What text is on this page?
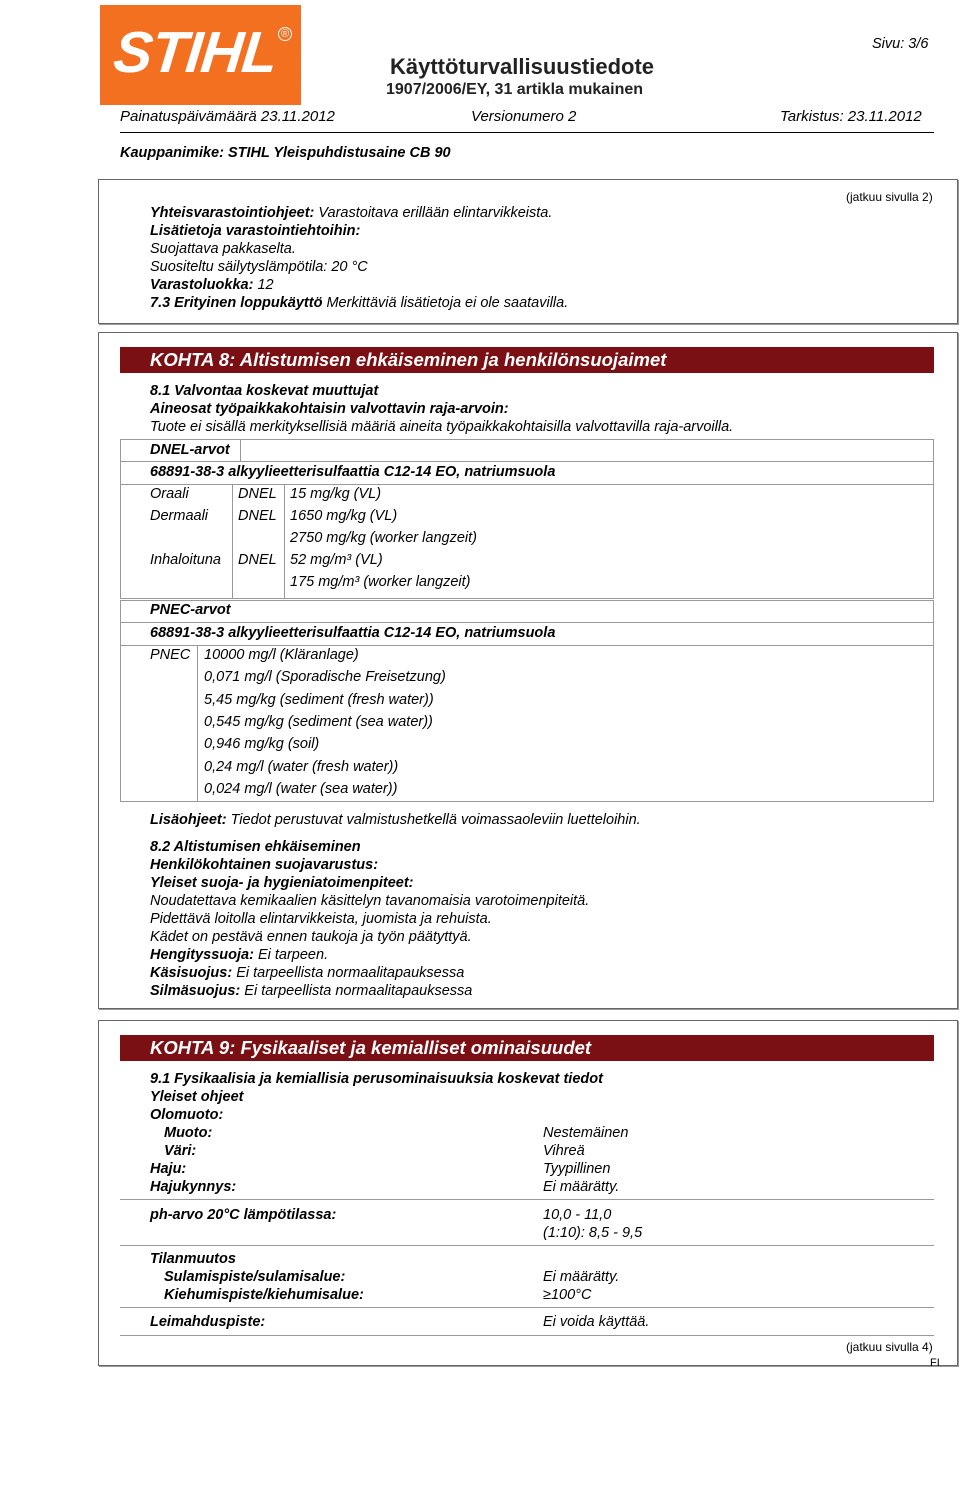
STIHL ®
Käyttöturvallisuustiedote
1907/2006/EY, 31 artikla mukainen
Sivu: 3/6
Painatuspäivämäärä 23.11.2012	Versionumero 2	Tarkistus: 23.11.2012
Kauppanimike: STIHL Yleispuhdistusaine CB 90
(jatkuu sivulla 2)
Yhteisvarastointiohjeet: Varastoitava erillään elintarvikkeista.
Lisätietoja varastointiehtoihin:
Suojattava pakkaselta.
Suositeltu säilytyslämpötila: 20 °C
Varastoluokka: 12
7.3 Erityinen loppukäyttö Merkittäviä lisätietoja ei ole saatavilla.
KOHTA 8: Altistumisen ehkäiseminen ja henkilönsuojaimet
8.1 Valvontaa koskevat muuttujat
Aineosat työpaikkakohtaisin valvottavin raja-arvoin:
Tuote ei sisällä merkityksellisiä määriä aineita työpaikkakohtaisilla valvottavilla raja-arvoilla.
DNEL-arvot
68891-38-3 alkyylieetterisulfaattia C12-14 EO, natriumsuola
Oraali	DNEL 15 mg/kg (VL)
Dermaali DNEL 1650 mg/kg (VL)
2750 mg/kg (worker langzeit)
Inhaloituna DNEL 52 mg/m³ (VL)
175 mg/m³ (worker langzeit)
PNEC-arvot
68891-38-3 alkyylieetterisulfaattia C12-14 EO, natriumsuola
PNEC 10000 mg/l (Kläranlage)
0,071 mg/l (Sporadische Freisetzung)
5,45 mg/kg (sediment (fresh water))
0,545 mg/kg (sediment (sea water))
0,946 mg/kg (soil)
0,24 mg/l (water (fresh water))
0,024 mg/l (water (sea water))
Lisäohjeet: Tiedot perustuvat valmistushetkellä voimassaoleviin luetteloihin.
8.2 Altistumisen ehkäiseminen
Henkilökohtainen suojavarustus:
Yleiset suoja- ja hygieniatoimenpiteet:
Noudatettava kemikaalien käsittelyn tavanomaisia varotoimenpiteitä.
Pidettävä loitolla elintarvikkeista, juomista ja rehuista.
Kädet on pestävä ennen taukoja ja työn päätyttyä.
Hengityssuoja: Ei tarpeen.
Käsisuojus: Ei tarpeellista normaalitapauksessa
Silmäsuojus: Ei tarpeellista normaalitapauksessa
KOHTA 9: Fysikaaliset ja kemialliset ominaisuudet
9.1 Fysikaalisia ja kemiallisia perusominaisuuksia koskevat tiedot
Yleiset ohjeet
Olomuoto:
Muoto:	Nestemäinen
Väri:	Vihreä
Haju:	Tyypillinen
Hajukynnys:	Ei määrätty.
ph-arvo 20°C lämpötilassa:	10,0 - 11,0
(1:10): 8,5 - 9,5
Tilanmuutos
Sulamispiste/sulamisalue:	Ei määrätty.
Kiehumispiste/kiehumisalue:	≥100°C
Leimahduspiste:	Ei voida käyttää.
(jatkuu sivulla 4)
FI
